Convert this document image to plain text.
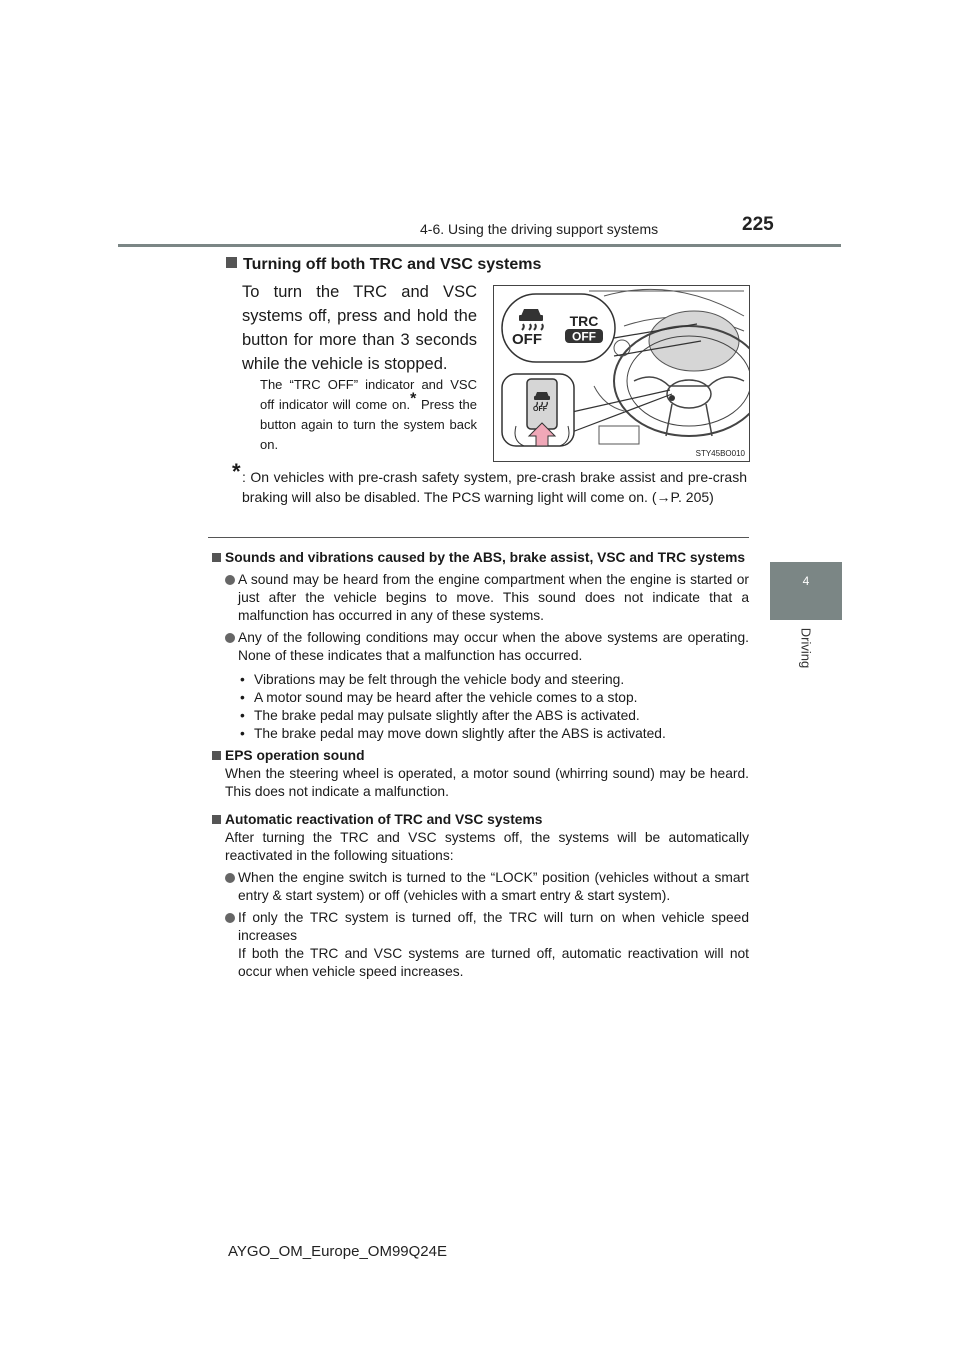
4-6. Using the driving support systems	225
4
Driving
Turning off both TRC and VSC systems
To turn the TRC and VSC systems off, press and hold the button for more than 3 seconds while the vehicle is stopped.
The “TRC OFF” indicator and VSC off indicator will come on.* Press the button again to turn the system back on.
TRC
OFF
OFF
OFF
STY45BO010
* : On vehicles with pre-crash safety system, pre-crash brake assist and pre-crash braking will also be disabled. The PCS warning light will come on. (→P. 205)
Sounds and vibrations caused by the ABS, brake assist, VSC and TRC systems
A sound may be heard from the engine compartment when the engine is started or just after the vehicle begins to move. This sound does not indicate that a malfunction has occurred in any of these systems.
Any of the following conditions may occur when the above systems are operating. None of these indicates that a malfunction has occurred.
• Vibrations may be felt through the vehicle body and steering.
• A motor sound may be heard after the vehicle comes to a stop.
• The brake pedal may pulsate slightly after the ABS is activated.
• The brake pedal may move down slightly after the ABS is activated.
EPS operation sound
When the steering wheel is operated, a motor sound (whirring sound) may be heard. This does not indicate a malfunction.
Automatic reactivation of TRC and VSC systems
After turning the TRC and VSC systems off, the systems will be automatically reactivated in the following situations:
When the engine switch is turned to the “LOCK” position (vehicles without a smart entry & start system) or off (vehicles with a smart entry & start system).
If only the TRC system is turned off, the TRC will turn on when vehicle speed increases
If both the TRC and VSC systems are turned off, automatic reactivation will not occur when vehicle speed increases.
AYGO_OM_Europe_OM99Q24E
